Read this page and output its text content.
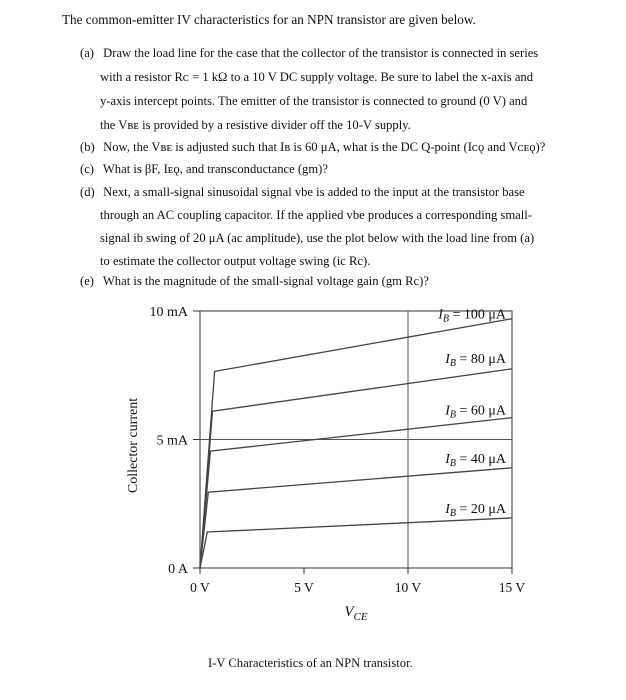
The common-emitter IV characteristics for an NPN transistor are given below.
(a) Draw the load line for the case that the collector of the transistor is connected in series
with a resistor Rᴄ = 1 kΩ to a 10 V DC supply voltage. Be sure to label the x-axis and
y-axis intercept points. The emitter of the transistor is connected to ground (0 V) and
the Vʙᴇ is provided by a resistive divider off the 10-V supply.
(b) Now, the Vʙᴇ is adjusted such that Iʙ is 60 μA, what is the DC Q-point (Iᴄǫ and Vᴄᴇǫ)?
(c) What is βF, Iᴇǫ, and transconductance (gm)?
(d) Next, a small-signal sinusoidal signal vbe is added to the input at the transistor base
through an AC coupling capacitor. If the applied vbe produces a corresponding small-
signal ib swing of 20 μA (ac amplitude), use the plot below with the load line from (a)
to estimate the collector output voltage swing (ic Rc).
(e) What is the magnitude of the small-signal voltage gain (gm Rc)?
0 A
5 mA
10 mA
0 V	5 V	10 V	15 V
Collector current
$V_{CE}$
$I_B = 20$ μA
$I_B = 40$ μA
$I_B = 60$ μA
$I_B = 80$ μA
$I_B = 100$ μA
I-V Characteristics of an NPN transistor.
